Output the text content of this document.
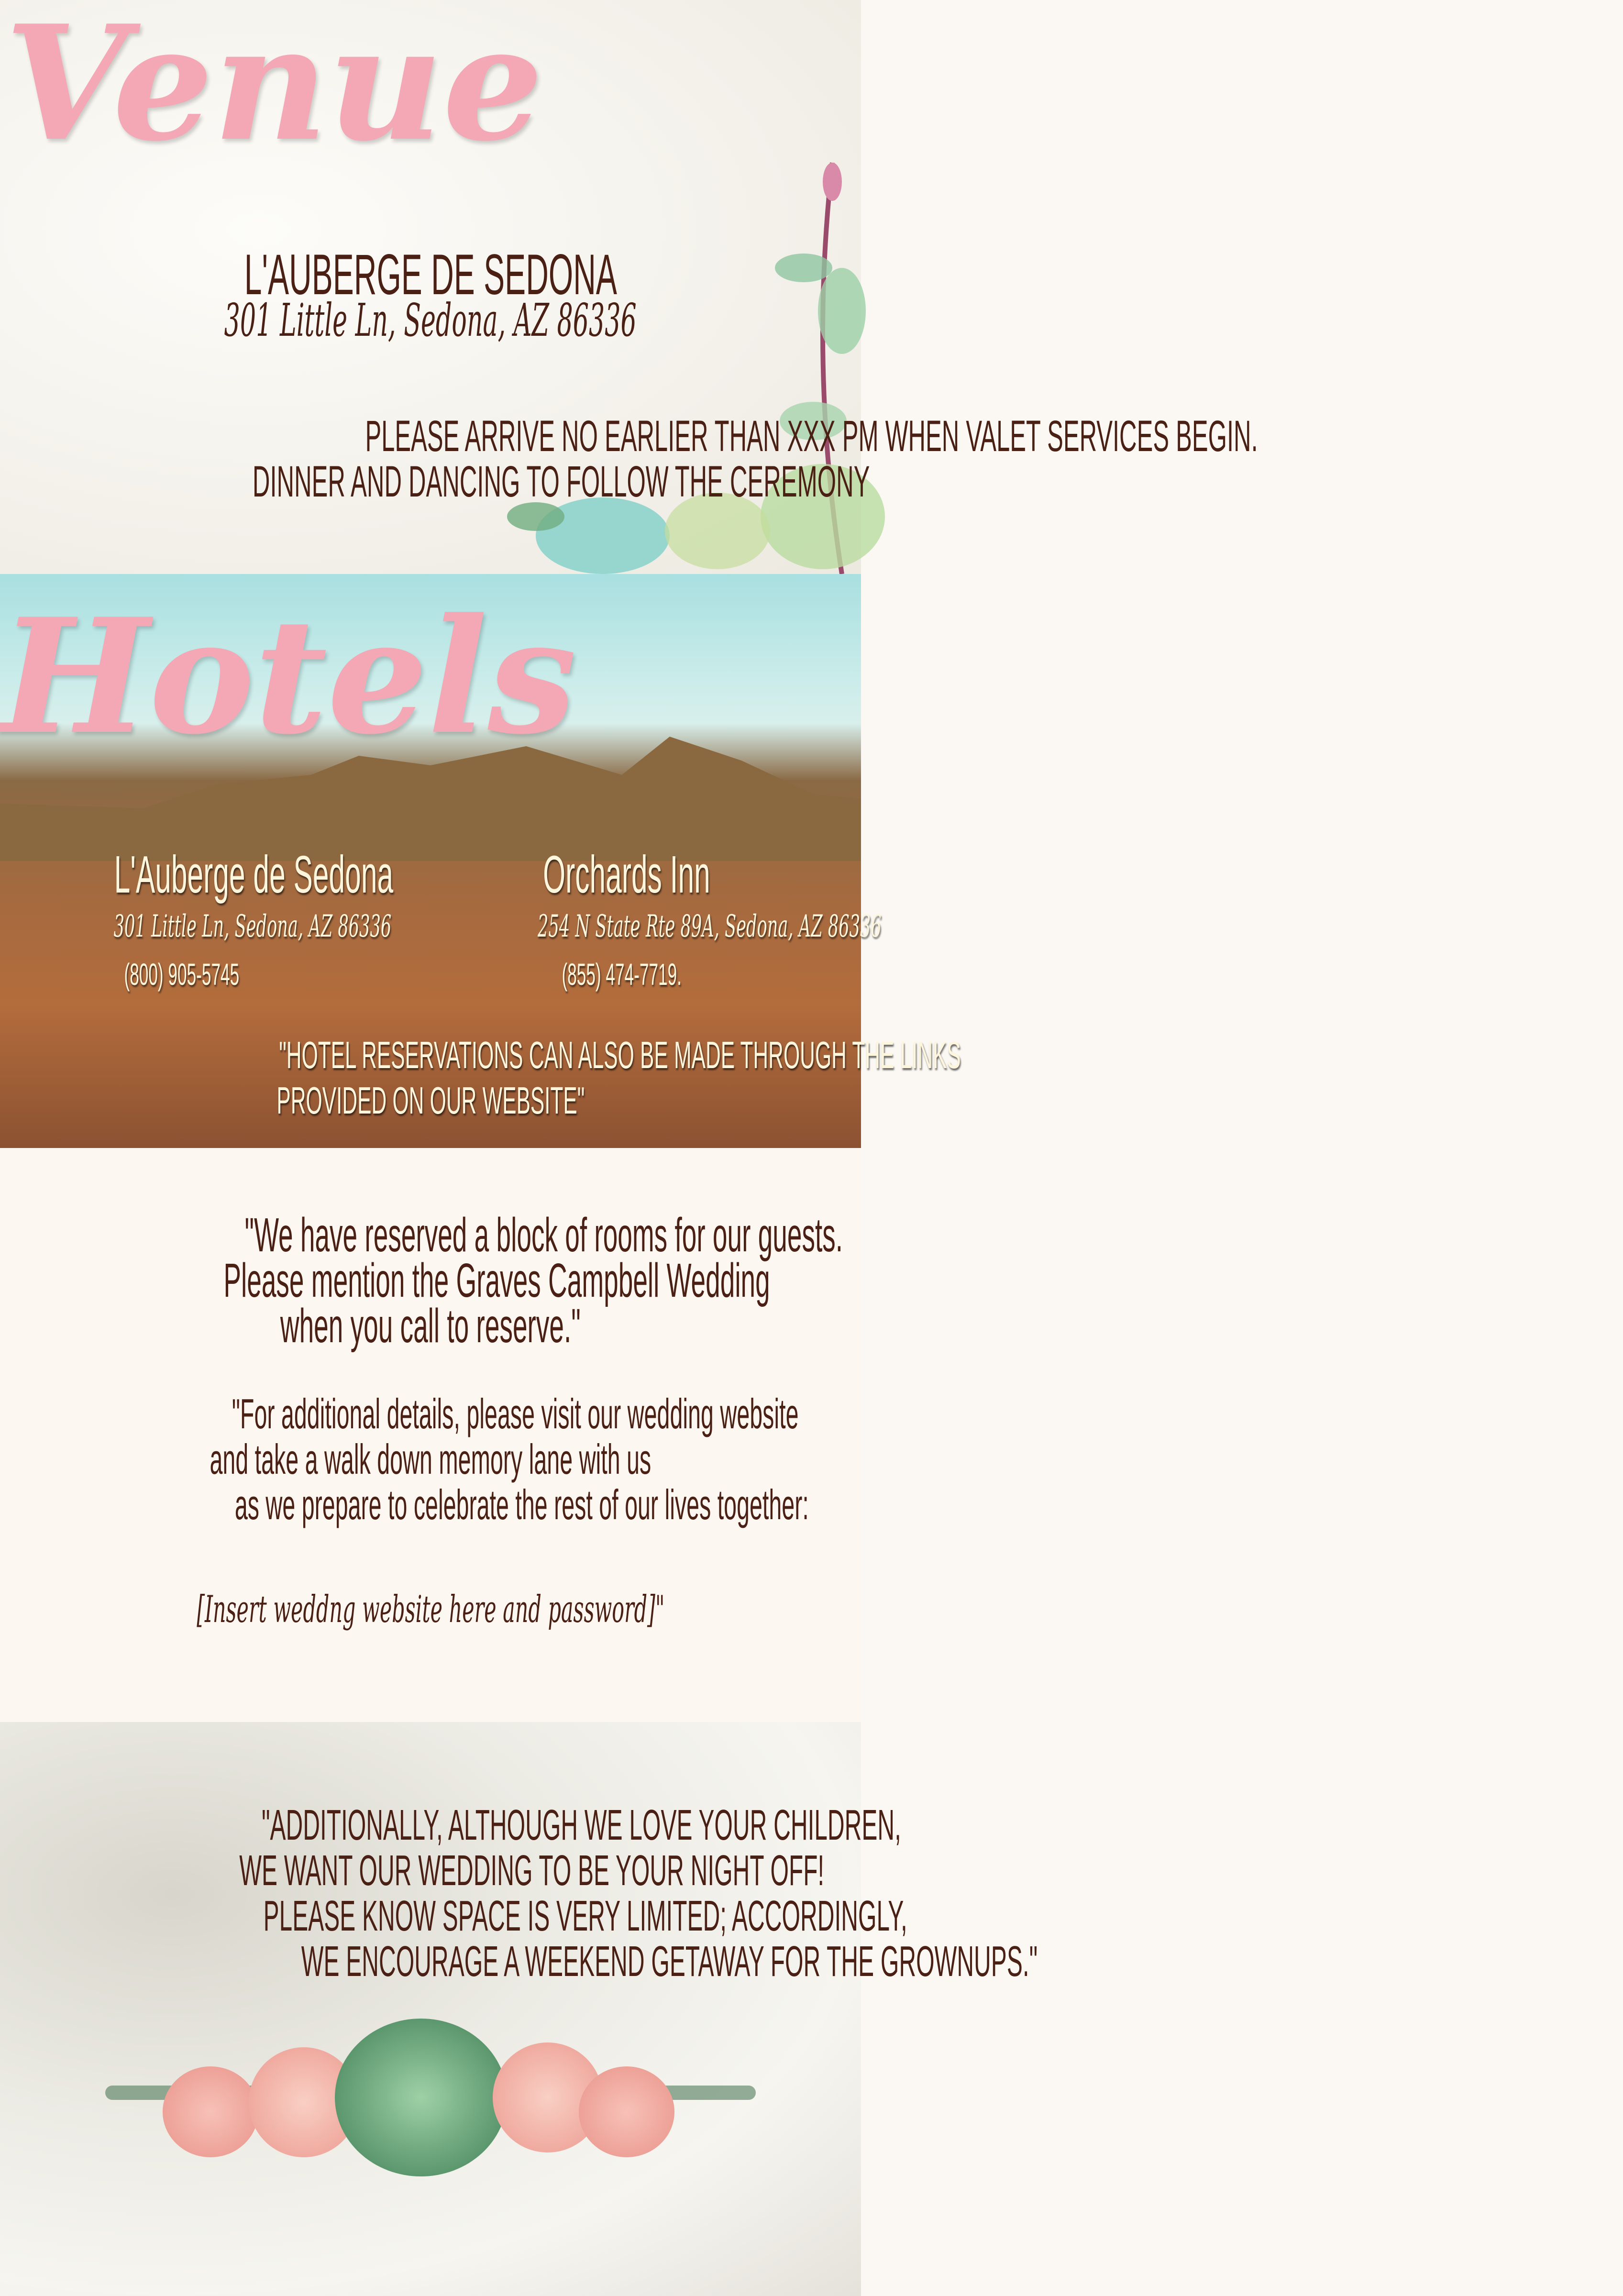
Venue
L'AUBERGE DE SEDONA
301 Little Ln, Sedona, AZ 86336
PLEASE ARRIVE NO EARLIER THAN XXX PM WHEN VALET SERVICES BEGIN.
DINNER AND DANCING TO FOLLOW THE CEREMONY
Hotels
L'Auberge de Sedona	Orchards Inn
301 Little Ln, Sedona, AZ 86336	254 N State Rte 89A, Sedona, AZ 86336
(800) 905-5745	(855) 474-7719.
"HOTEL RESERVATIONS CAN ALSO BE MADE THROUGH THE LINKS
PROVIDED ON OUR WEBSITE"
"We have reserved a block of rooms for our guests.
Please mention the Graves Campbell Wedding
when you call to reserve."
"For additional details, please visit our wedding website
and take a walk down memory lane with us
as we prepare to celebrate the rest of our lives together:
[Insert weddng website here and password]"
"ADDITIONALLY, ALTHOUGH WE LOVE YOUR CHILDREN,
WE WANT OUR WEDDING TO BE YOUR NIGHT OFF!
PLEASE KNOW SPACE IS VERY LIMITED; ACCORDINGLY,
WE ENCOURAGE A WEEKEND GETAWAY FOR THE GROWNUPS."
